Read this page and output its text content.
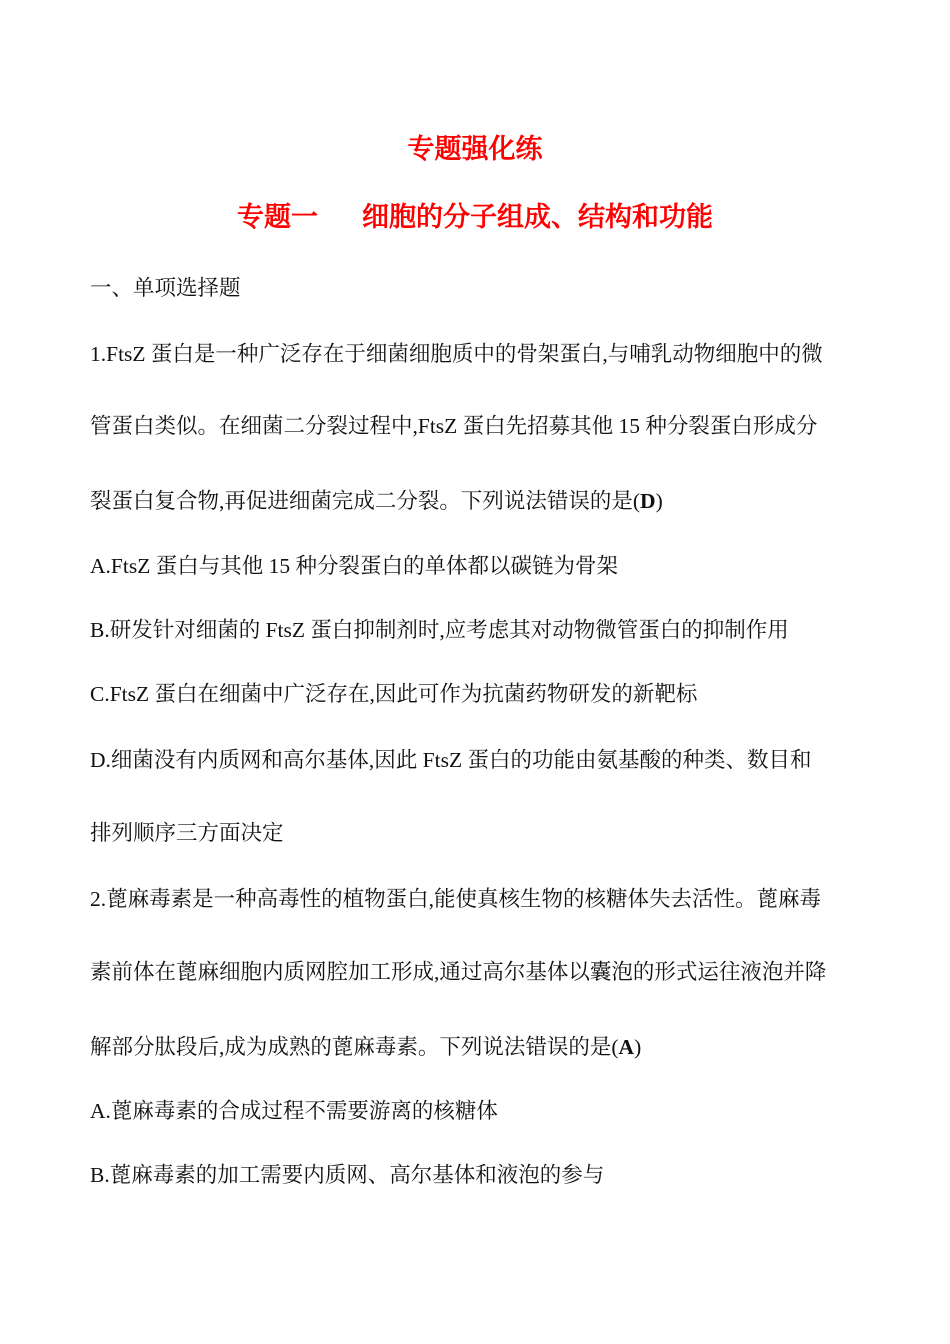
专题强化练
专题一 细胞的分子组成、结构和功能
一、单项选择题
1.FtsZ 蛋白是一种广泛存在于细菌细胞质中的骨架蛋白,与哺乳动物细胞中的微
管蛋白类似。在细菌二分裂过程中,FtsZ 蛋白先招募其他 15 种分裂蛋白形成分
裂蛋白复合物,再促进细菌完成二分裂。下列说法错误的是(D)
A.FtsZ 蛋白与其他 15 种分裂蛋白的单体都以碳链为骨架
B.研发针对细菌的 FtsZ 蛋白抑制剂时,应考虑其对动物微管蛋白的抑制作用
C.FtsZ 蛋白在细菌中广泛存在,因此可作为抗菌药物研发的新靶标
D.细菌没有内质网和高尔基体,因此 FtsZ 蛋白的功能由氨基酸的种类、数目和
排列顺序三方面决定
2.蓖麻毒素是一种高毒性的植物蛋白,能使真核生物的核糖体失去活性。蓖麻毒
素前体在蓖麻细胞内质网腔加工形成,通过高尔基体以囊泡的形式运往液泡并降
解部分肽段后,成为成熟的蓖麻毒素。下列说法错误的是(A)
A.蓖麻毒素的合成过程不需要游离的核糖体
B.蓖麻毒素的加工需要内质网、高尔基体和液泡的参与
